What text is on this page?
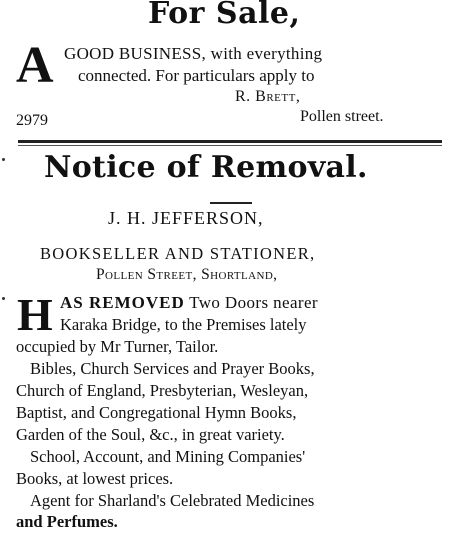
For Sale,
A GOOD BUSINESS, with everything
connected. For particulars apply to
R. Brett,
2979	Pollen street.
Notice of Removal.
J. H. JEFFERSON,
BOOKSELLER AND STATIONER,
Pollen Street, Shortland,
H AS REMOVED Two Doors nearer
Karaka Bridge, to the Premises lately
occupied by Mr Turner, Tailor.
Bibles, Church Services and Prayer Books,
Church of England, Presbyterian, Wesleyan,
Baptist, and Congregational Hymn Books,
Garden of the Soul, &c., in great variety.
School, Account, and Mining Companies'
Books, at lowest prices.
Agent for Sharland's Celebrated Medicines
and Perfumes.
